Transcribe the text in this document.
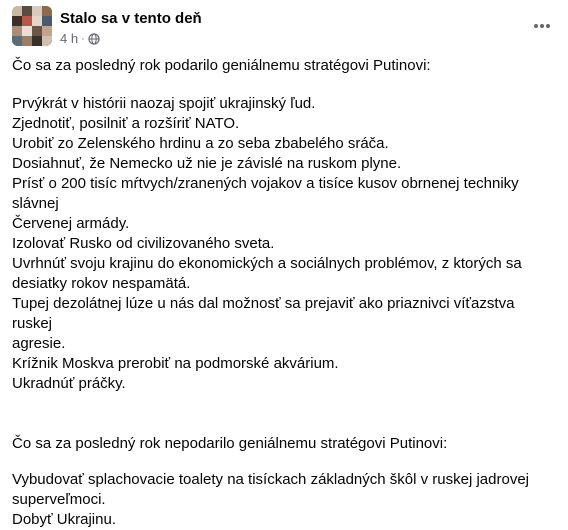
Stalo sa v tento deň
4 h ·

Čo sa za posledný rok podarilo geniálnemu stratégovi Putinovi:

Prvýkrát v histórii naozaj spojiť ukrajinský ľud.

Zjednotiť, posilniť a rozšíriť NATO.

Urobiť zo Zelenského hrdinu a zo seba zbabelého sráča.

Dosiahnuť, že Nemecko už nie je závislé na ruskom plyne.

Prísť o 200 tisíc mŕtvych/zranených vojakov a tisíce kusov obrnenej techniky slávnej
Červenej armády.

Izolovať Rusko od civilizovaného sveta.

Uvrhnúť svoju krajinu do ekonomických a sociálnych problémov, z ktorých sa
desiatky rokov nespamätá.

Tupej dezolátnej lúze u nás dal možnosť sa prejaviť ako priaznivci víťazstva ruskej
agresie.

Krížnik Moskva prerobiť na podmorské akvárium.

Ukradnúť práčky.

Čo sa za posledný rok nepodarilo geniálnemu stratégovi Putinovi:

Vybudovať splachovacie toalety na tisíckach základných škôl v ruskej jadrovej
superveľmoci.

Dobyť Ukrajinu.
